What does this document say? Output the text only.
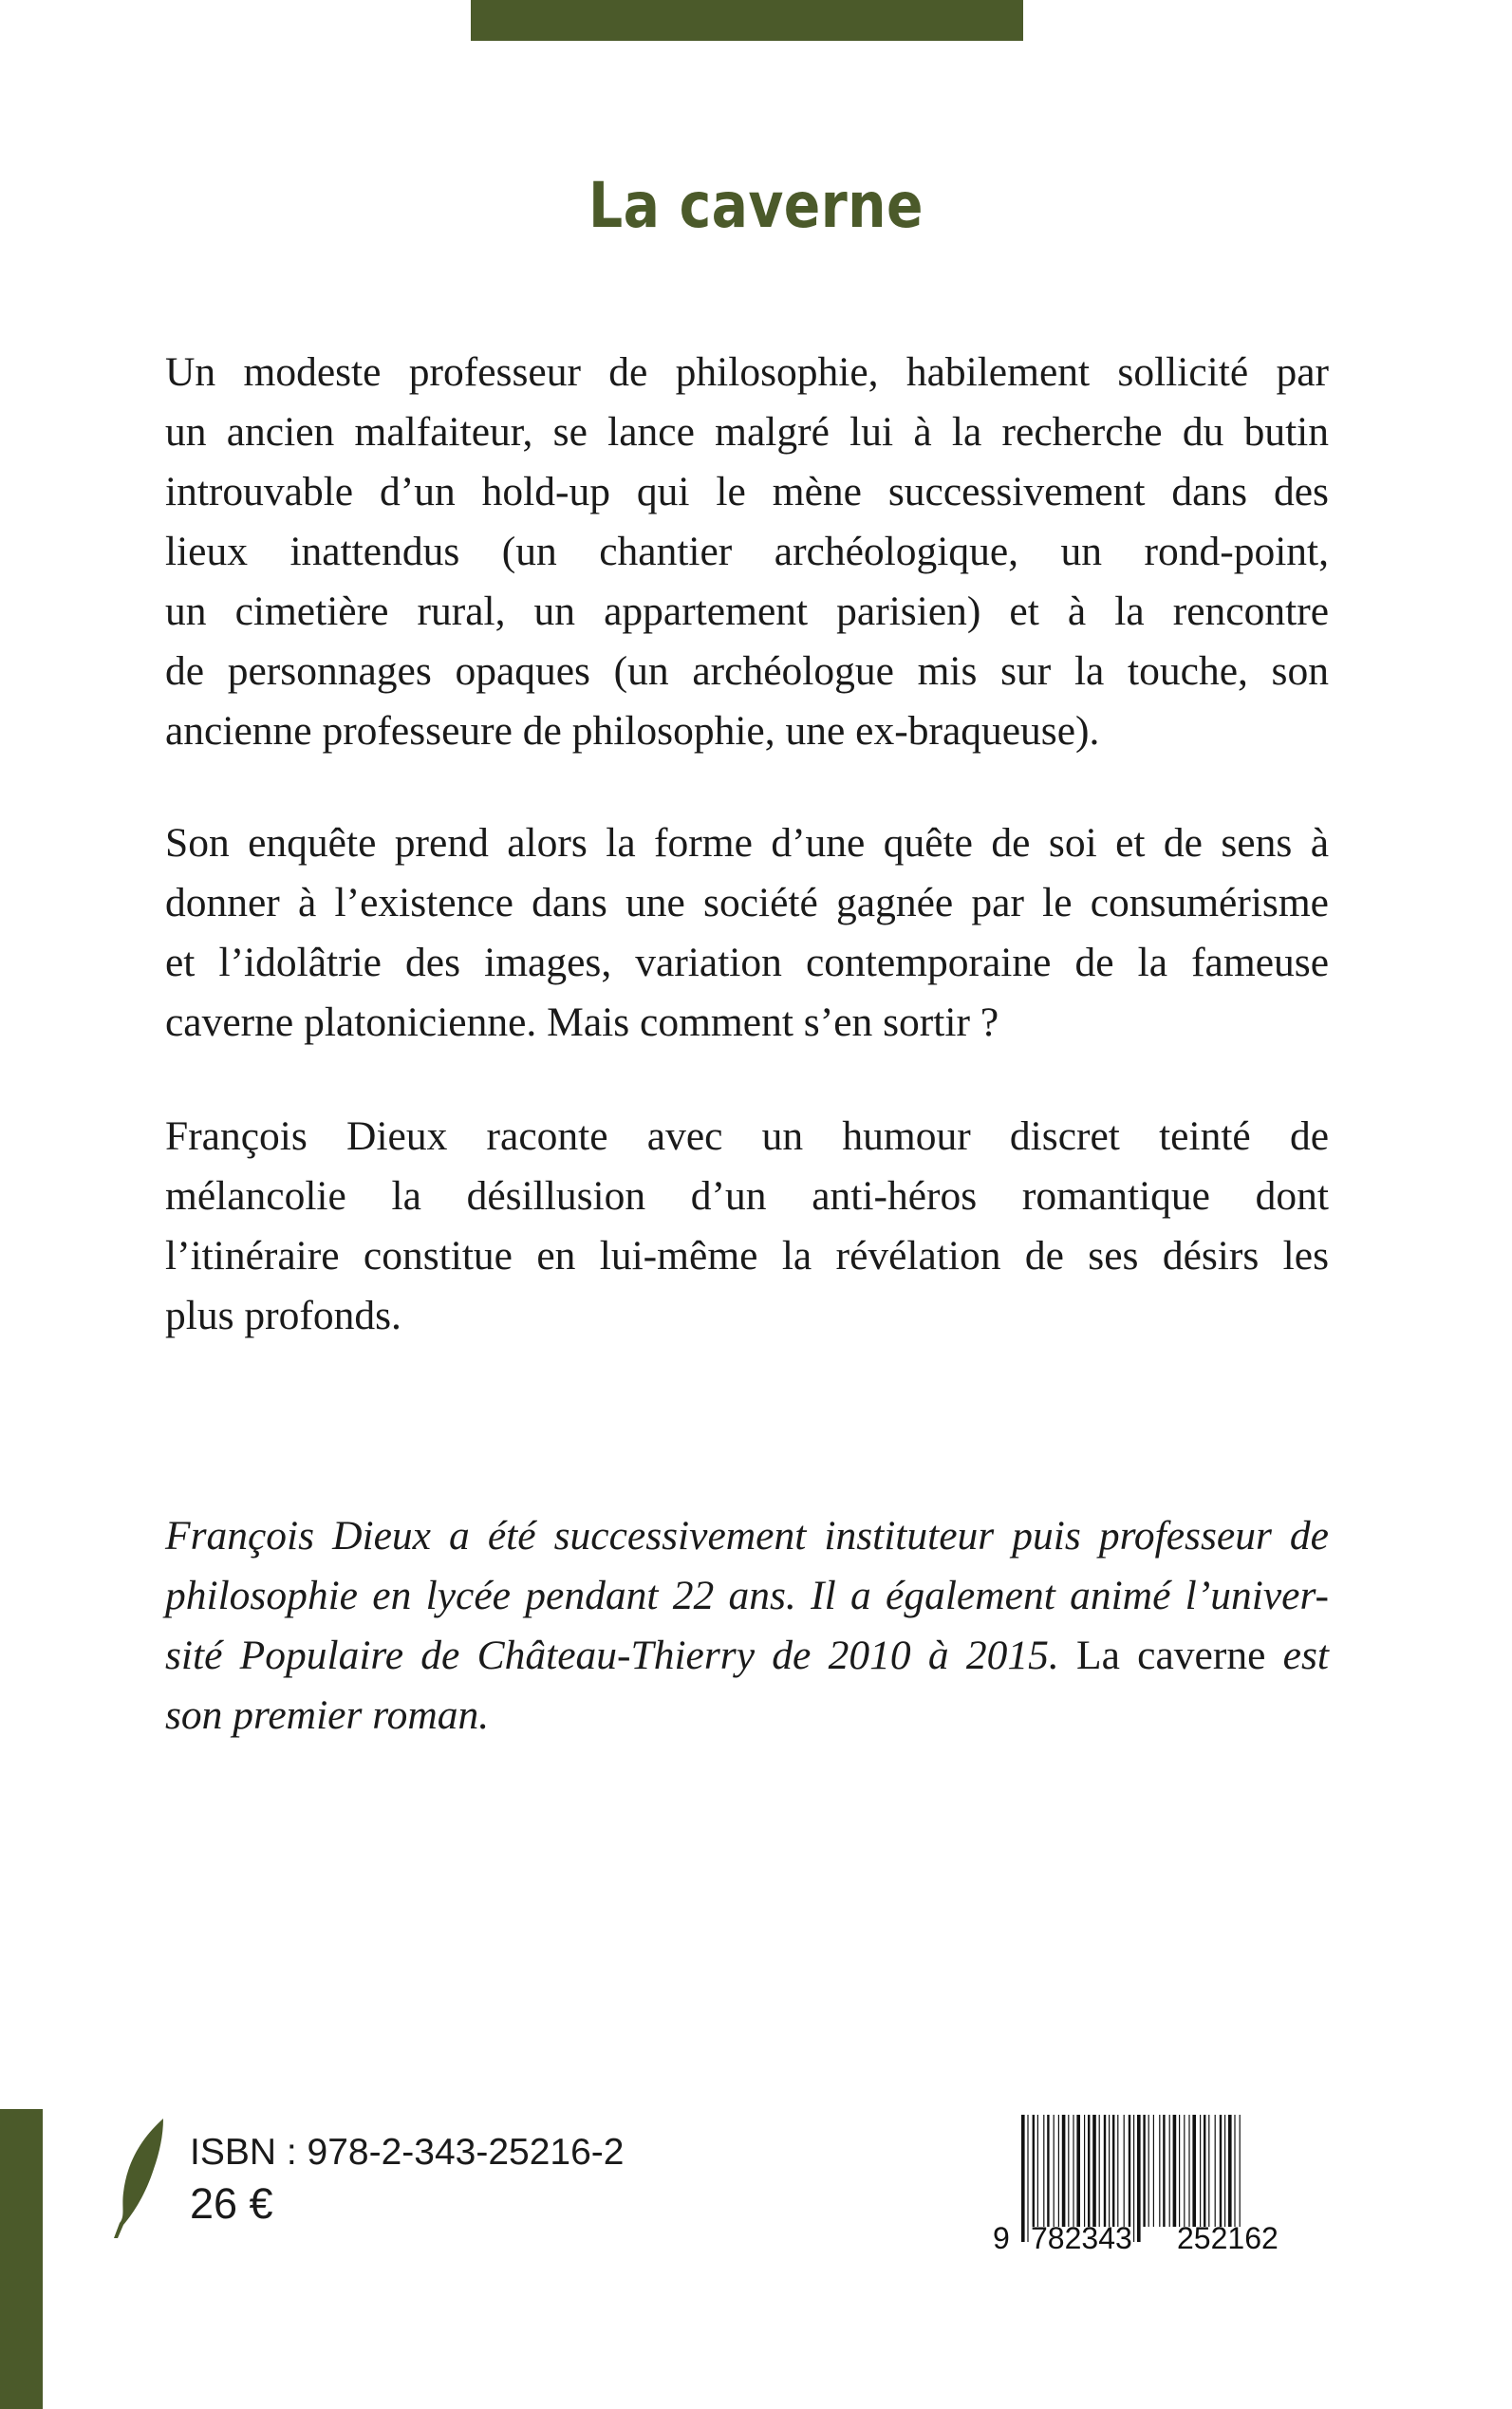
La caverne
Un modeste professeur de philosophie, habilement sollicité par
un ancien malfaiteur, se lance malgré lui à la recherche du butin
introuvable d’un hold-up qui le mène successivement dans des
lieux inattendus (un chantier archéologique, un rond-point,
un cimetière rural, un appartement parisien) et à la rencontre
de personnages opaques (un archéologue mis sur la touche, son
ancienne professeure de philosophie, une ex-braqueuse).
Son enquête prend alors la forme d’une quête de soi et de sens à
donner à l’existence dans une société gagnée par le consumérisme
et l’idolâtrie des images, variation contemporaine de la fameuse
caverne platonicienne. Mais comment s’en sortir ?
François Dieux raconte avec un humour discret teinté de
mélancolie la désillusion d’un anti-héros romantique dont
l’itinéraire constitue en lui-même la révélation de ses désirs les
plus profonds.
François Dieux a été successivement instituteur puis professeur de
philosophie en lycée pendant 22 ans. Il a également animé l’univer-
sité Populaire de Château-Thierry de 2010 à 2015. La caverne est
son premier roman.
ISBN : 978-2-343-25216-2
26 €
9 782343 252162
